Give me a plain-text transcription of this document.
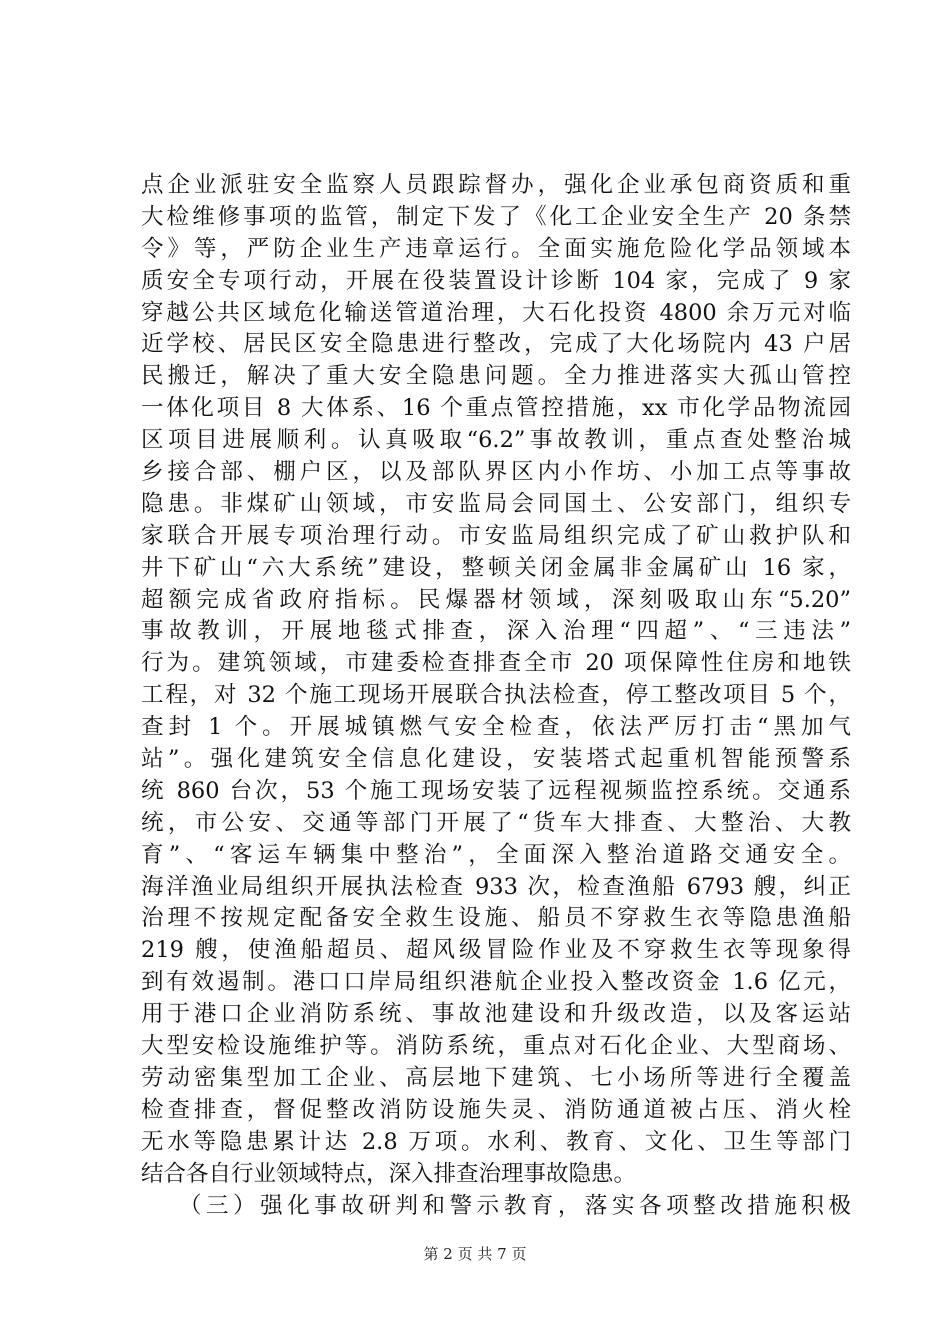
点企业派驻安全监察人员跟踪督办，强化企业承包商资质和重
大检维修事项的监管，制定下发了《化工企业安全生产 20 条禁
令》等，严防企业生产违章运行。全面实施危险化学品领域本
质安全专项行动，开展在役装置设计诊断 104 家，完成了 9 家
穿越公共区域危化输送管道治理，大石化投资 4800 余万元对临
近学校、居民区安全隐患进行整改，完成了大化场院内 43 户居
民搬迁，解决了重大安全隐患问题。全力推进落实大孤山管控
一体化项目 8 大体系、16 个重点管控措施，xx 市化学品物流园
区项目进展顺利。认真吸取“6.2”事故教训，重点查处整治城
乡接合部、棚户区，以及部队界区内小作坊、小加工点等事故
隐患。非煤矿山领域，市安监局会同国土、公安部门，组织专
家联合开展专项治理行动。市安监局组织完成了矿山救护队和
井下矿山“六大系统”建设，整顿关闭金属非金属矿山 16 家，
超额完成省政府指标。民爆器材领域，深刻吸取山东“5.20”
事故教训，开展地毯式排查，深入治理“四超”、“三违法”
行为。建筑领域，市建委检查排查全市 20 项保障性住房和地铁
工程，对 32 个施工现场开展联合执法检查，停工整改项目 5 个，
查封 1 个。开展城镇燃气安全检查，依法严厉打击“黑加气
站”。强化建筑安全信息化建设，安装塔式起重机智能预警系
统 860 台次，53 个施工现场安装了远程视频监控系统。交通系
统，市公安、交通等部门开展了“货车大排查、大整治、大教
育”、“客运车辆集中整治”，全面深入整治道路交通安全。
海洋渔业局组织开展执法检查 933 次，检查渔船 6793 艘，纠正
治理不按规定配备安全救生设施、船员不穿救生衣等隐患渔船
219 艘，使渔船超员、超风级冒险作业及不穿救生衣等现象得
到有效遏制。港口口岸局组织港航企业投入整改资金 1.6 亿元，
用于港口企业消防系统、事故池建设和升级改造，以及客运站
大型安检设施维护等。消防系统，重点对石化企业、大型商场、
劳动密集型加工企业、高层地下建筑、七小场所等进行全覆盖
检查排查，督促整改消防设施失灵、消防通道被占压、消火栓
无水等隐患累计达 2.8 万项。水利、教育、文化、卫生等部门
结合各自行业领域特点，深入排查治理事故隐患。
（三）强化事故研判和警示教育，落实各项整改措施积极
第 2 页 共 7 页
